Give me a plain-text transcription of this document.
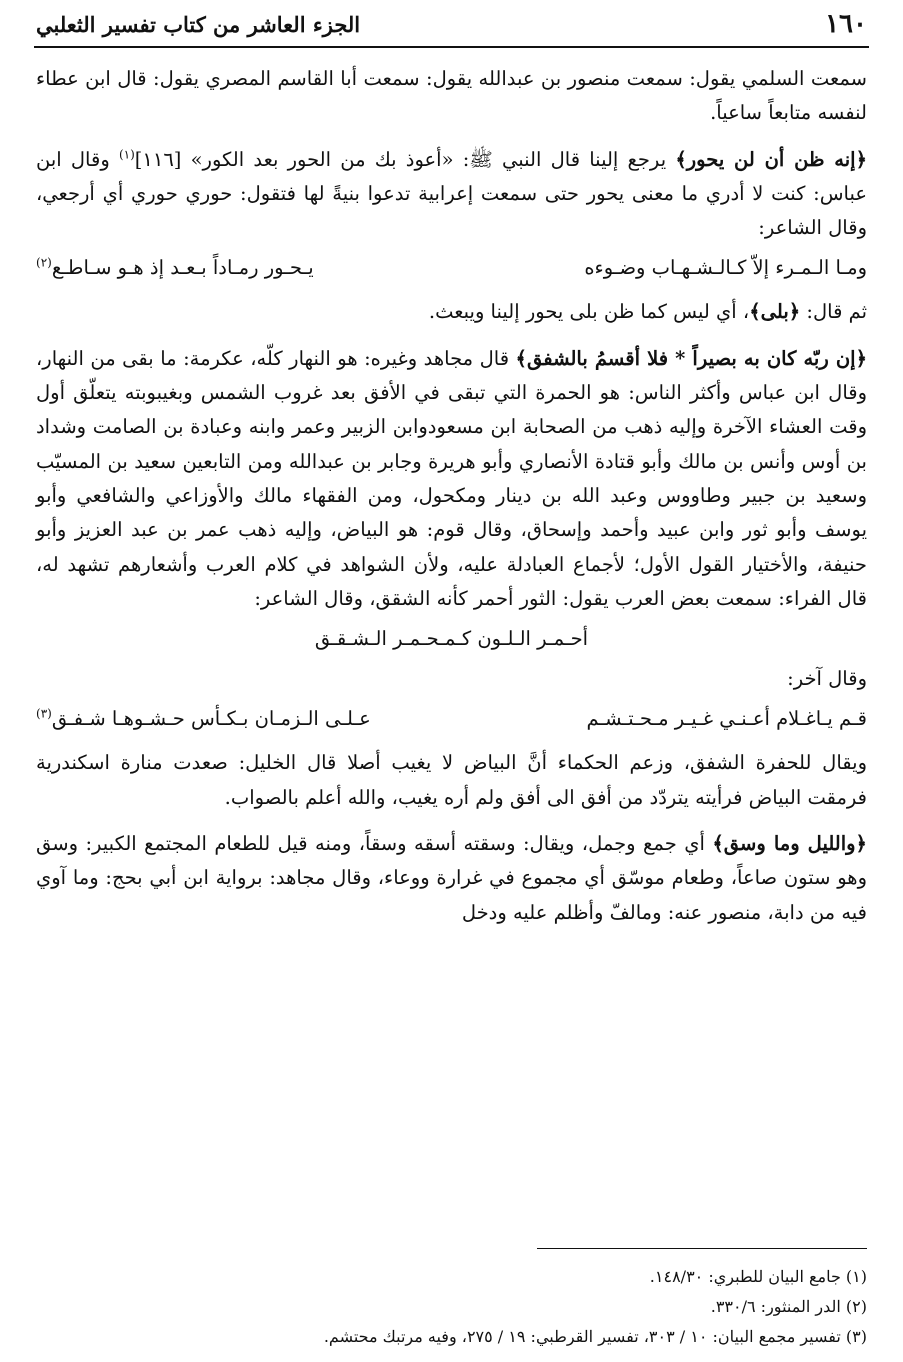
١٦٠
الجزء العاشر من كتاب تفسير الثعلبي

سمعت السلمي يقول: سمعت منصور بن عبدالله يقول: سمعت أبا القاسم المصري يقول: قال ابن عطاء لنفسه متابعاً ساعياً.

﴿إنه ظن أن لن يحور﴾ يرجع إلينا قال النبي ﷺ: «أعوذ بك من الحور بعد الكور» [١١٦]$^{(١)}$ وقال ابن عباس: كنت لا أدري ما معنى يحور حتى سمعت إعرابية تدعوا بنيةً لها فتقول: حوري حوري أي أرجعي، وقال الشاعر:

ومـا الـمـرء إلاّ كـالـشـهـاب وضـوءه
يـحـور رمـاداً بـعـد إذ هـو سـاطـع$^{(٢)}$

ثم قال: ﴿بلى﴾، أي ليس كما ظن بلى يحور إلينا ويبعث.

﴿إن ربّه كان به بصيراً * فلا أقسمُ بالشفق﴾ قال مجاهد وغيره: هو النهار كلّه، عكرمة: ما بقى من النهار، وقال ابن عباس وأكثر الناس: هو الحمرة التي تبقى في الأفق بعد غروب الشمس وبغيبوبته يتعلّق أول وقت العشاء الآخرة وإليه ذهب من الصحابة ابن مسعودوابن الزبير وعمر وابنه وعبادة بن الصامت وشداد بن أوس وأنس بن مالك وأبو قتادة الأنصاري وأبو هريرة وجابر بن عبدالله ومن التابعين سعيد بن المسيّب وسعيد بن جبير وطاووس وعبد الله بن دينار ومكحول، ومن الفقهاء مالك والأوزاعي والشافعي وأبو يوسف وأبو ثور وابن عبيد وأحمد وإسحاق، وقال قوم: هو البياض، وإليه ذهب عمر بن عبد العزيز وأبو حنيفة، والأختيار القول الأول؛ لأجماع العبادلة عليه، ولأن الشواهد في كلام العرب وأشعارهم تشهد له، قال الفراء: سمعت بعض العرب يقول: الثور أحمر كأنه الشقق، وقال الشاعر:

أحـمـر الـلـون كـمـحـمـر الـشـقـق

وقال آخر:

قـم يـاغـلام أعـنـي غـيـر مـحـتـشـم
عـلـى الـزمـان بـكـأس حـشـوهـا شـفـق$^{(٣)}$

ويقال للحفرة الشفق، وزعم الحكماء أنَّ البياض لا يغيب أصلا قال الخليل: صعدت منارة اسكندرية فرمقت البياض فرأيته يتردّد من أفق الى أفق ولم أره يغيب، والله أعلم بالصواب.

﴿والليل وما وسق﴾ أي جمع وجمل، ويقال: وسقته أسقه وسقاً، ومنه قيل للطعام المجتمع الكبير: وسق وهو ستون صاعاً، وطعام موسّق أي مجموع في غرارة ووعاء، وقال مجاهد: برواية ابن أبي بحج: وما آوي فيه من دابة، منصور عنه: ومالفّ وأظلم عليه ودخل

(١) جامع البيان للطبري: ١٤٨/٣٠.

(٢) الدر المنثور: ٣٣٠/٦.

(٣) تفسير مجمع البيان: ١٠ / ٣٠٣، تفسير القرطبي: ١٩ / ٢٧٥، وفيه مرتبك محتشم.
